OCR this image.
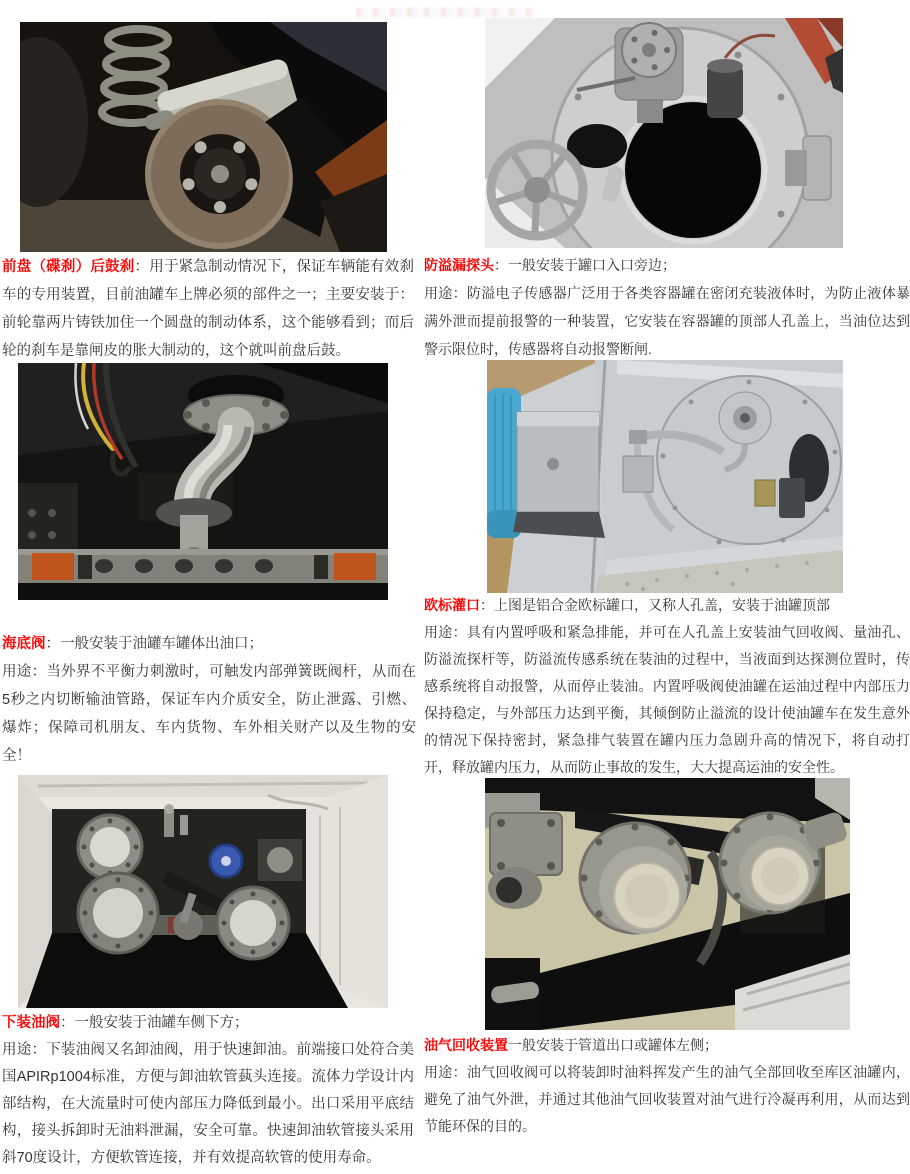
前盘（碟刹）后鼓刹：用于紧急制动情况下，保证车辆能有效刹车的专用装置，目前油罐车上牌必须的部件之一；主要安装于：前轮靠两片铸铁加住一个圆盘的制动体系，这个能够看到；而后轮的刹车是靠闸皮的胀大制动的，这个就叫前盘后鼓。

防溢漏探头：一般安装于罐口入口旁边；

用途：防溢电子传感器广泛用于各类容器罐在密闭充装液体时，为防止液体暴满外泄而提前报警的一种装置，它安装在容器罐的顶部人孔盖上，当油位达到警示限位时，传感器将自动报警断闸.

海底阀：一般安装于油罐车罐体出油口；

用途：当外界不平衡力刺激时，可触发内部弹簧既阀杆，从而在5秒之内切断输油管路，保证车内介质安全，防止泄露、引燃、爆炸；保障司机朋友、车内货物、车外相关财产以及生物的安全！

欧标灌口：上图是铝合金欧标罐口，又称人孔盖，安装于油罐顶部

用途：具有内置呼吸和紧急排能，并可在人孔盖上安装油气回收阀、量油孔、防溢流探杆等，防溢流传感系统在装油的过程中，当液面到达探测位置时，传感系统将自动报警，从而停止装油。内置呼吸阀使油罐在运油过程中内部压力保持稳定，与外部压力达到平衡，其倾倒防止溢流的设计使油罐车在发生意外的情况下保持密封，紧急排气装置在罐内压力急剧升高的情况下，将自动打开，释放罐内压力，从而防止事故的发生，大大提高运油的安全性。

下装油阀：一般安装于油罐车侧下方；

用途：下装油阀又名卸油阀，用于快速卸油。前端接口处符合美国APIRp1004标准，方便与卸油软管蓺头连接。流体力学设计内部结构，在大流量时可使内部压力降低到最小。出口采用平底结构，接头拆卸时无油料泄漏，安全可靠。快速卸油软管接头采用斜70度设计，方便软管连接，并有效提高软管的使用寿命。

油气回收装置一般安装于管道出口或罐体左侧；

用途：油气回收阀可以将装卸时油料挥发产生的油气全部回收至库区油罐内，避免了油气外泄，并通过其他油气回收装置对油气进行冷凝再利用，从而达到节能环保的目的。
